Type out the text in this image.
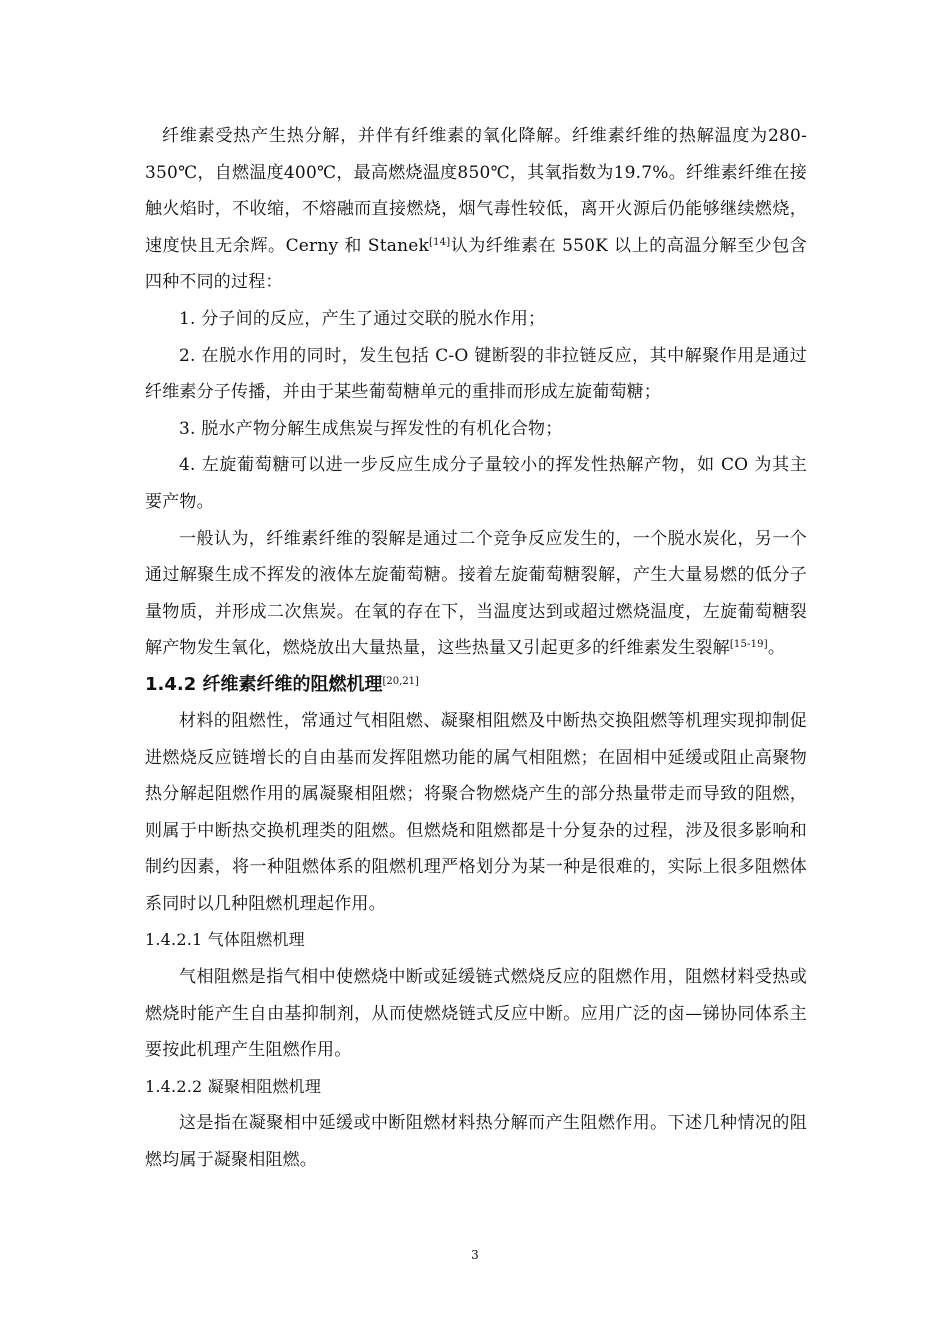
纤维素受热产生热分解，并伴有纤维素的氧化降解。纤维素纤维的热解温度为280-350℃，自燃温度400℃，最高燃烧温度850℃，其氧指数为19.7%。纤维素纤维在接触火焰时，不收缩，不熔融而直接燃烧，烟气毒性较低，离开火源后仍能够继续燃烧，速度快且无余辉。Cerny 和 Stanek[14]认为纤维素在 550K 以上的高温分解至少包含四种不同的过程：

1. 分子间的反应，产生了通过交联的脱水作用；

2. 在脱水作用的同时，发生包括 C-O 键断裂的非拉链反应，其中解聚作用是通过纤维素分子传播，并由于某些葡萄糖单元的重排而形成左旋葡萄糖；

3. 脱水产物分解生成焦炭与挥发性的有机化合物；

4. 左旋葡萄糖可以进一步反应生成分子量较小的挥发性热解产物，如 CO 为其主要产物。

一般认为，纤维素纤维的裂解是通过二个竞争反应发生的，一个脱水炭化，另一个通过解聚生成不挥发的液体左旋葡萄糖。接着左旋葡萄糖裂解，产生大量易燃的低分子量物质，并形成二次焦炭。在氧的存在下，当温度达到或超过燃烧温度，左旋葡萄糖裂解产物发生氧化，燃烧放出大量热量，这些热量又引起更多的纤维素发生裂解[15-19]。

1.4.2 纤维素纤维的阻燃机理[20,21]

材料的阻燃性，常通过气相阻燃、凝聚相阻燃及中断热交换阻燃等机理实现抑制促进燃烧反应链增长的自由基而发挥阻燃功能的属气相阻燃；在固相中延缓或阻止高聚物热分解起阻燃作用的属凝聚相阻燃；将聚合物燃烧产生的部分热量带走而导致的阻燃，则属于中断热交换机理类的阻燃。但燃烧和阻燃都是十分复杂的过程，涉及很多影响和制约因素，将一种阻燃体系的阻燃机理严格划分为某一种是很难的，实际上很多阻燃体系同时以几种阻燃机理起作用。

1.4.2.1 气体阻燃机理

气相阻燃是指气相中使燃烧中断或延缓链式燃烧反应的阻燃作用，阻燃材料受热或燃烧时能产生自由基抑制剂，从而使燃烧链式反应中断。应用广泛的卤—锑协同体系主要按此机理产生阻燃作用。

1.4.2.2 凝聚相阻燃机理

这是指在凝聚相中延缓或中断阻燃材料热分解而产生阻燃作用。下述几种情况的阻燃均属于凝聚相阻燃。

3
